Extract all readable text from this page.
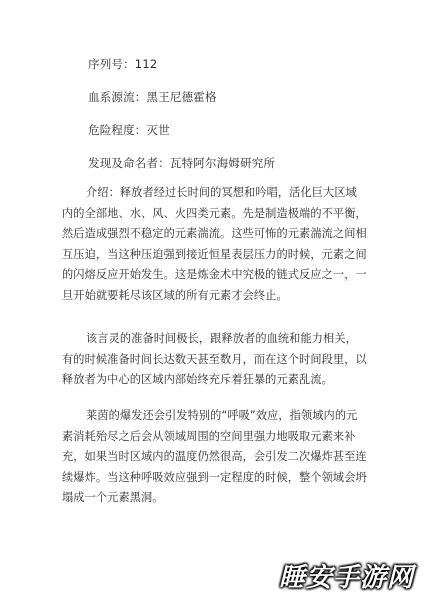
序列号：112
血系源流：黑王尼德霍格
危险程度：灭世
发现及命名者：瓦特阿尔海姆研究所
介绍：释放者经过长时间的冥想和吟唱，活化巨大区域内的全部地、水、风、火四类元素。先是制造极端的不平衡，然后造成强烈不稳定的元素湍流。这些可怖的元素湍流之间相互压迫，当这种压迫强到接近恒星表层压力的时候，元素之间的闪熔反应开始发生。这是炼金术中究极的链式反应之一，一旦开始就要耗尽该区域的所有元素才会终止。
该言灵的准备时间极长，跟释放者的血统和能力相关，有的时候准备时间长达数天甚至数月，而在这个时间段里，以释放者为中心的区域内部始终充斥着狂暴的元素乱流。
莱茵的爆发还会引发特别的“呼吸”效应，指领域内的元素消耗殆尽之后会从领域周围的空间里强力地吸取元素来补充，如果当时区域内的温度仍然很高，会引发二次爆炸甚至连续爆炸。当这种呼吸效应强到一定程度的时候，整个领域会坍塌成一个元素黑洞。
睡安手游网
